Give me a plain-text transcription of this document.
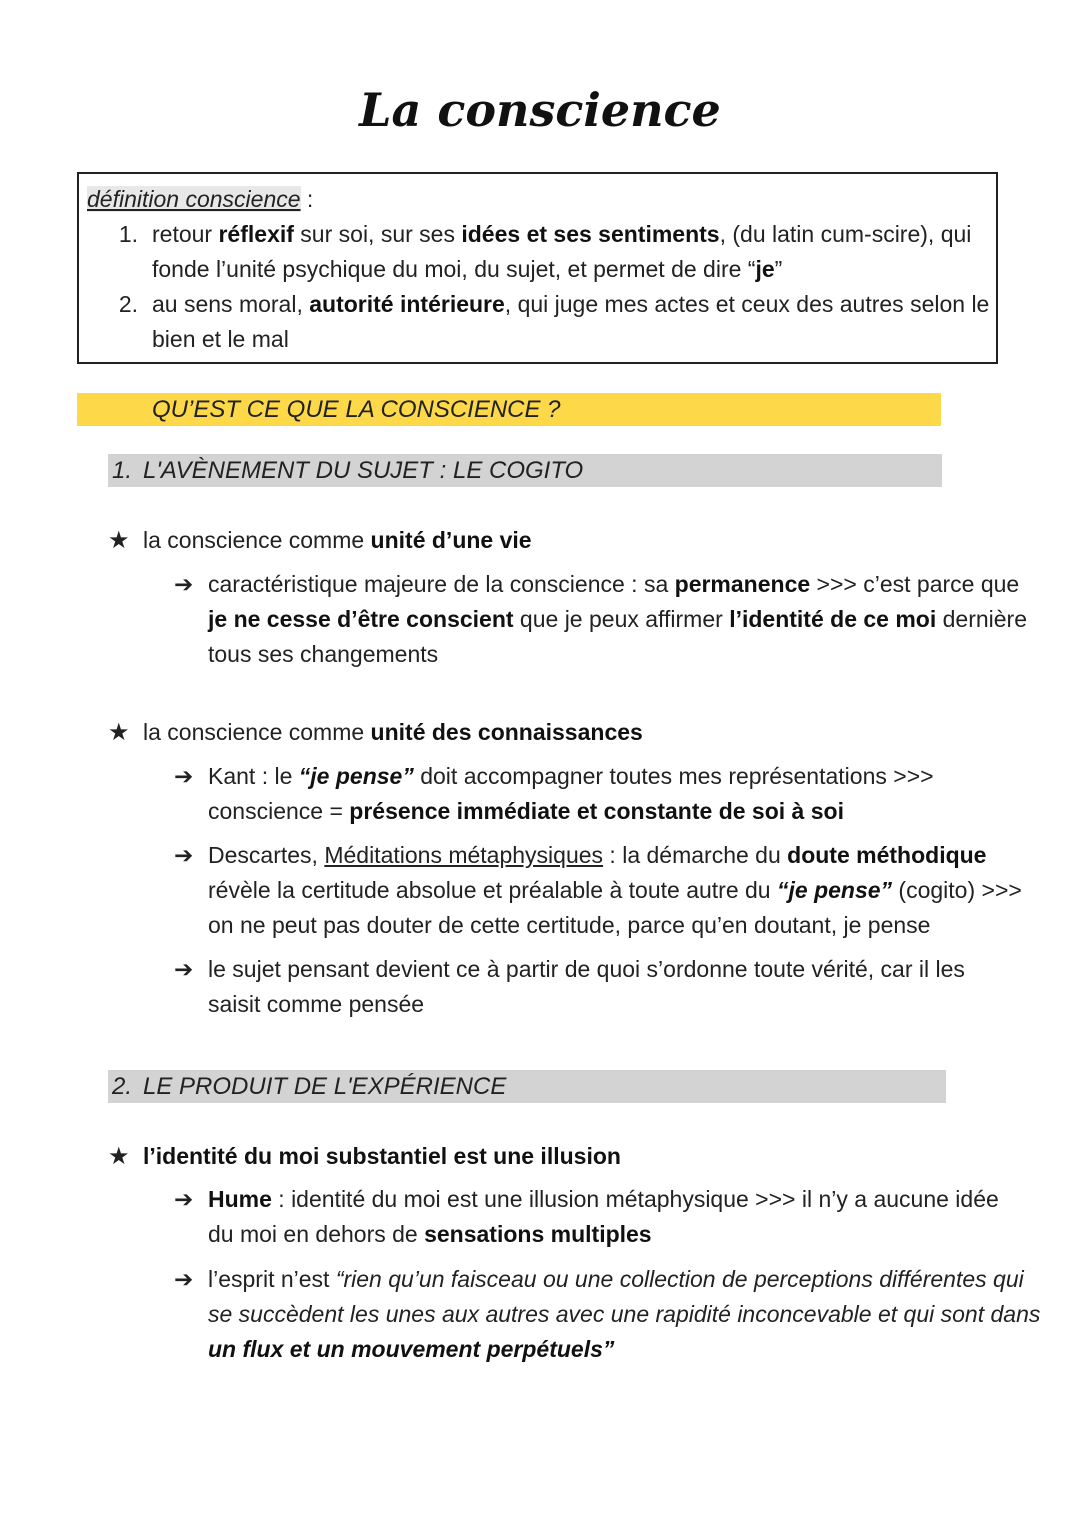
La conscience
définition conscience :
1. retour réflexif sur soi, sur ses idées et ses sentiments, (du latin cum-scire), qui
fonde l’unité psychique du moi, du sujet, et permet de dire “je”
2. au sens moral, autorité intérieure, qui juge mes actes et ceux des autres selon le
bien et le mal
QU’EST CE QUE LA CONSCIENCE ?
1. L'AVÈNEMENT DU SUJET : LE COGITO
★ la conscience comme unité d’une vie
➔ caractéristique majeure de la conscience : sa permanence >>> c’est parce que
je ne cesse d’être conscient que je peux affirmer l’identité de ce moi dernière
tous ses changements
★ la conscience comme unité des connaissances
➔ Kant : le “je pense” doit accompagner toutes mes représentations >>>
conscience = présence immédiate et constante de soi à soi
➔ Descartes, Méditations métaphysiques : la démarche du doute méthodique
révèle la certitude absolue et préalable à toute autre du “je pense” (cogito) >>>
on ne peut pas douter de cette certitude, parce qu’en doutant, je pense
➔ le sujet pensant devient ce à partir de quoi s’ordonne toute vérité, car il les
saisit comme pensée
2. LE PRODUIT DE L'EXPÉRIENCE
★ l’identité du moi substantiel est une illusion
➔ Hume : identité du moi est une illusion métaphysique >>> il n’y a aucune idée
du moi en dehors de sensations multiples
➔ l’esprit n’est “rien qu’un faisceau ou une collection de perceptions différentes qui
se succèdent les unes aux autres avec une rapidité inconcevable et qui sont dans
un flux et un mouvement perpétuels”
